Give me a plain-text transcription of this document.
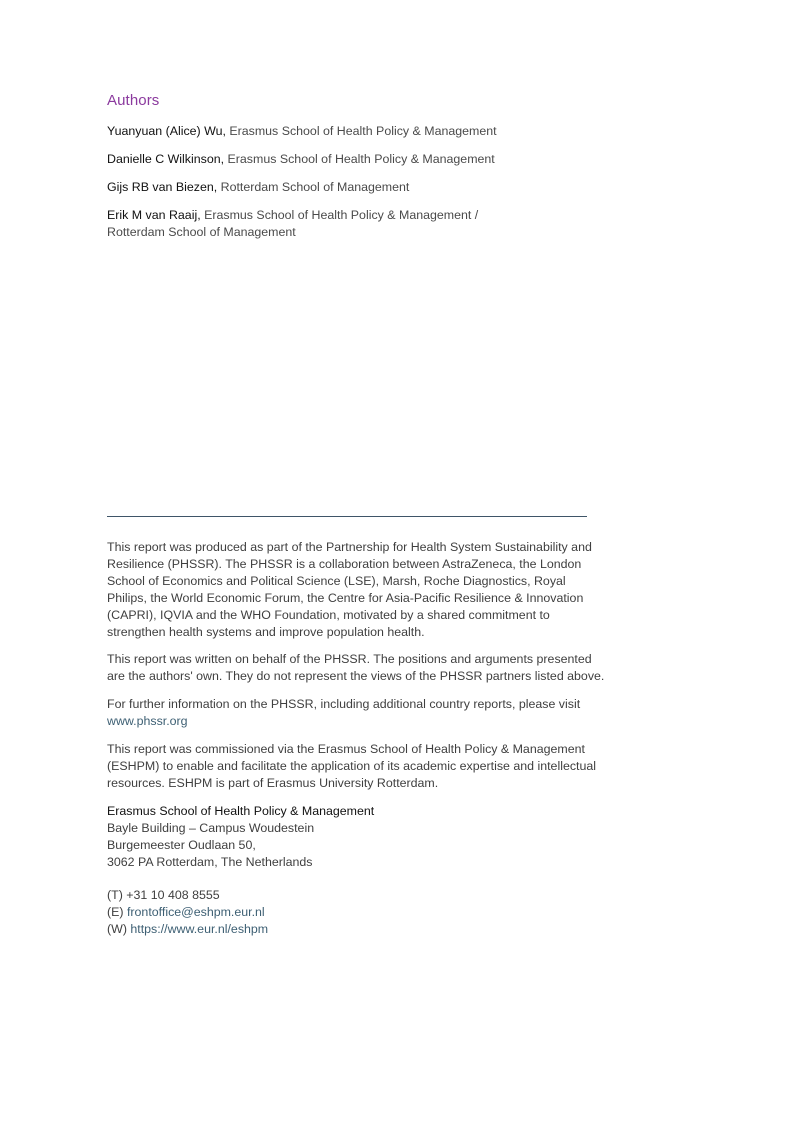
Authors
Yuanyuan (Alice) Wu, Erasmus School of Health Policy & Management
Danielle C Wilkinson, Erasmus School of Health Policy & Management
Gijs RB van Biezen, Rotterdam School of Management
Erik M van Raaij, Erasmus School of Health Policy & Management / Rotterdam School of Management

This report was produced as part of the Partnership for Health System Sustainability and Resilience (PHSSR). The PHSSR is a collaboration between AstraZeneca, the London School of Economics and Political Science (LSE), Marsh, Roche Diagnostics, Royal Philips, the World Economic Forum, the Centre for Asia-Pacific Resilience & Innovation (CAPRI), IQVIA and the WHO Foundation, motivated by a shared commitment to strengthen health systems and improve population health.

This report was written on behalf of the PHSSR. The positions and arguments presented are the authors' own. They do not represent the views of the PHSSR partners listed above.

For further information on the PHSSR, including additional country reports, please visit www.phssr.org

This report was commissioned via the Erasmus School of Health Policy & Management (ESHPM) to enable and facilitate the application of its academic expertise and intellectual resources. ESHPM is part of Erasmus University Rotterdam.

Erasmus School of Health Policy & Management
Bayle Building – Campus Woudestein
Burgemeester Oudlaan 50,
3062 PA Rotterdam, The Netherlands
(T) +31 10 408 8555
(E) frontoffice@eshpm.eur.nl
(W) https://www.eur.nl/eshpm
